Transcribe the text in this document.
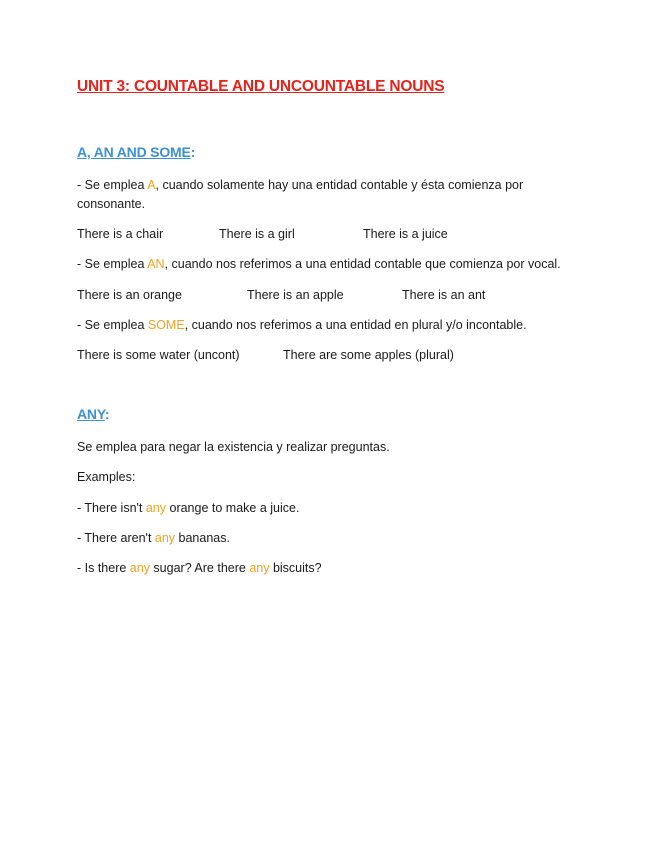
UNIT 3: COUNTABLE AND UNCOUNTABLE NOUNS
A, AN AND SOME:
- Se emplea A, cuando solamente hay una entidad contable y ésta comienza por consonante.
There is a chair	There is a girl	There is a juice
- Se emplea AN, cuando nos referimos a una entidad contable que comienza por vocal.
There is an orange	There is an apple	There is an ant
- Se emplea SOME, cuando nos referimos a una entidad en plural y/o incontable.
There is some water (uncont)	There are some apples (plural)
ANY:
Se emplea para negar la existencia y realizar preguntas.
Examples:
- There isn't any orange to make a juice.
- There aren't any bananas.
- Is there any sugar? Are there any biscuits?
